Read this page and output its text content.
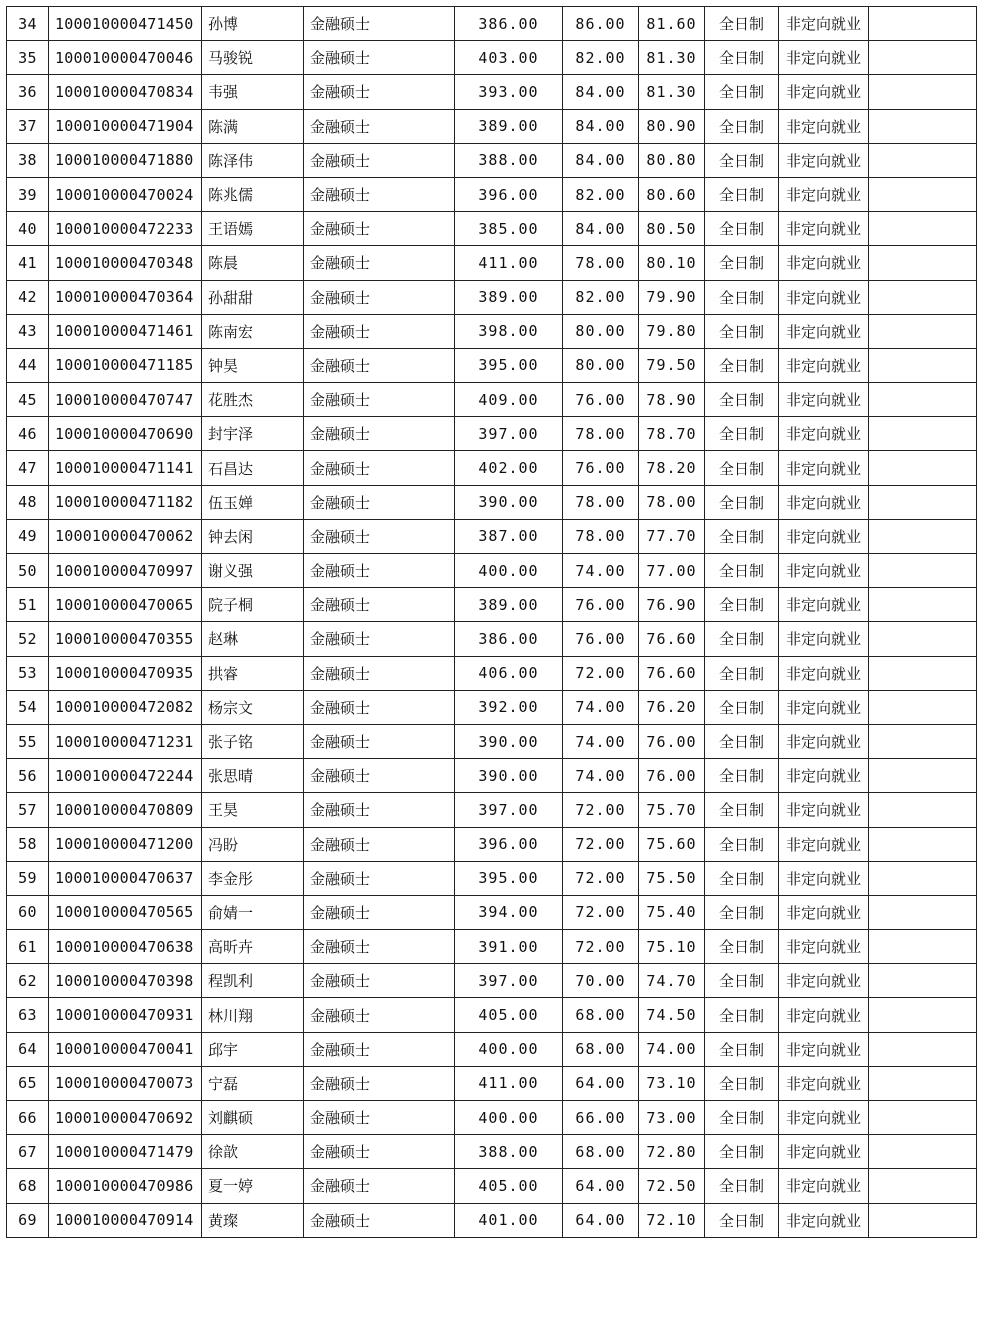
34	100010000471450	孙博	金融硕士	386.00	86.00	81.60	全日制	非定向就业	
35	100010000470046	马骏锐	金融硕士	403.00	82.00	81.30	全日制	非定向就业	
36	100010000470834	韦强	金融硕士	393.00	84.00	81.30	全日制	非定向就业	
37	100010000471904	陈满	金融硕士	389.00	84.00	80.90	全日制	非定向就业	
38	100010000471880	陈泽伟	金融硕士	388.00	84.00	80.80	全日制	非定向就业	
39	100010000470024	陈兆儒	金融硕士	396.00	82.00	80.60	全日制	非定向就业	
40	100010000472233	王语嫣	金融硕士	385.00	84.00	80.50	全日制	非定向就业	
41	100010000470348	陈晨	金融硕士	411.00	78.00	80.10	全日制	非定向就业	
42	100010000470364	孙甜甜	金融硕士	389.00	82.00	79.90	全日制	非定向就业	
43	100010000471461	陈南宏	金融硕士	398.00	80.00	79.80	全日制	非定向就业	
44	100010000471185	钟昊	金融硕士	395.00	80.00	79.50	全日制	非定向就业	
45	100010000470747	花胜杰	金融硕士	409.00	76.00	78.90	全日制	非定向就业	
46	100010000470690	封宇泽	金融硕士	397.00	78.00	78.70	全日制	非定向就业	
47	100010000471141	石昌达	金融硕士	402.00	76.00	78.20	全日制	非定向就业	
48	100010000471182	伍玉婵	金融硕士	390.00	78.00	78.00	全日制	非定向就业	
49	100010000470062	钟去闲	金融硕士	387.00	78.00	77.70	全日制	非定向就业	
50	100010000470997	谢义强	金融硕士	400.00	74.00	77.00	全日制	非定向就业	
51	100010000470065	院子桐	金融硕士	389.00	76.00	76.90	全日制	非定向就业	
52	100010000470355	赵琳	金融硕士	386.00	76.00	76.60	全日制	非定向就业	
53	100010000470935	拱睿	金融硕士	406.00	72.00	76.60	全日制	非定向就业	
54	100010000472082	杨宗文	金融硕士	392.00	74.00	76.20	全日制	非定向就业	
55	100010000471231	张子铭	金融硕士	390.00	74.00	76.00	全日制	非定向就业	
56	100010000472244	张思晴	金融硕士	390.00	74.00	76.00	全日制	非定向就业	
57	100010000470809	王昊	金融硕士	397.00	72.00	75.70	全日制	非定向就业	
58	100010000471200	冯盼	金融硕士	396.00	72.00	75.60	全日制	非定向就业	
59	100010000470637	李金彤	金融硕士	395.00	72.00	75.50	全日制	非定向就业	
60	100010000470565	俞婧一	金融硕士	394.00	72.00	75.40	全日制	非定向就业	
61	100010000470638	高昕卉	金融硕士	391.00	72.00	75.10	全日制	非定向就业	
62	100010000470398	程凯利	金融硕士	397.00	70.00	74.70	全日制	非定向就业	
63	100010000470931	林川翔	金融硕士	405.00	68.00	74.50	全日制	非定向就业	
64	100010000470041	邱宇	金融硕士	400.00	68.00	74.00	全日制	非定向就业	
65	100010000470073	宁磊	金融硕士	411.00	64.00	73.10	全日制	非定向就业	
66	100010000470692	刘麒硕	金融硕士	400.00	66.00	73.00	全日制	非定向就业	
67	100010000471479	徐歆	金融硕士	388.00	68.00	72.80	全日制	非定向就业	
68	100010000470986	夏一婷	金融硕士	405.00	64.00	72.50	全日制	非定向就业	
69	100010000470914	黄璨	金融硕士	401.00	64.00	72.10	全日制	非定向就业	
